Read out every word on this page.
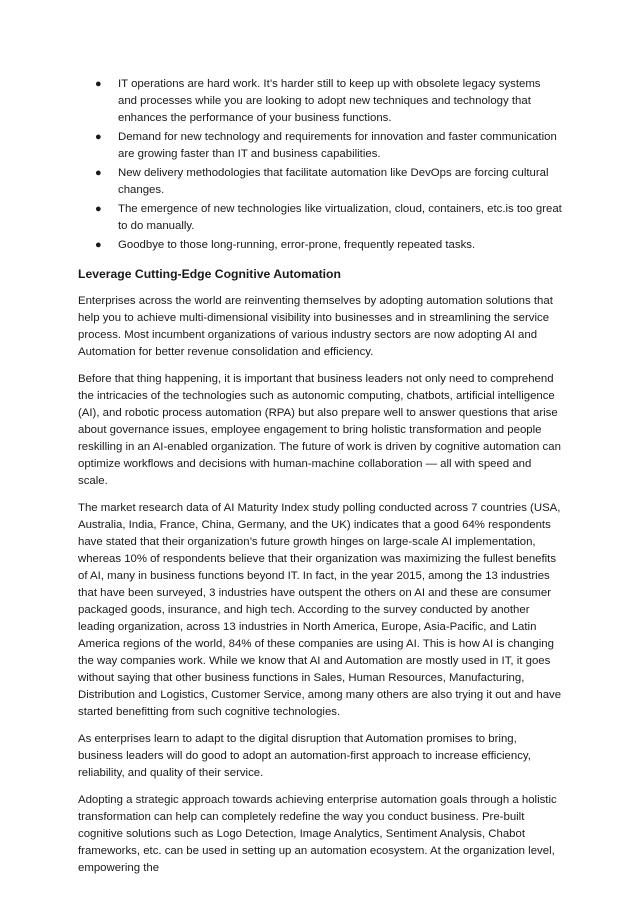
● IT operations are hard work. It’s harder still to keep up with obsolete legacy systems and processes while you are looking to adopt new techniques and technology that enhances the performance of your business functions.
● Demand for new technology and requirements for innovation and faster communication are growing faster than IT and business capabilities.
● New delivery methodologies that facilitate automation like DevOps are forcing cultural changes.
● The emergence of new technologies like virtualization, cloud, containers, etc.is too great to do manually.
● Goodbye to those long-running, error-prone, frequently repeated tasks.
Leverage Cutting-Edge Cognitive Automation

Enterprises across the world are reinventing themselves by adopting automation solutions that help you to achieve multi-dimensional visibility into businesses and in streamlining the service process. Most incumbent organizations of various industry sectors are now adopting AI and Automation for better revenue consolidation and efficiency.

Before that thing happening, it is important that business leaders not only need to comprehend the intricacies of the technologies such as autonomic computing, chatbots, artificial intelligence (AI), and robotic process automation (RPA) but also prepare well to answer questions that arise about governance issues, employee engagement to bring holistic transformation and people reskilling in an AI-enabled organization. The future of work is driven by cognitive automation can optimize workflows and decisions with human-machine collaboration — all with speed and scale.

The market research data of AI Maturity Index study polling conducted across 7 countries (USA, Australia, India, France, China, Germany, and the UK) indicates that a good 64% respondents have stated that their organization’s future growth hinges on large-scale AI implementation, whereas 10% of respondents believe that their organization was maximizing the fullest benefits of AI, many in business functions beyond IT. In fact, in the year 2015, among the 13 industries that have been surveyed, 3 industries have outspent the others on AI and these are consumer packaged goods, insurance, and high tech. According to the survey conducted by another leading organization, across 13 industries in North America, Europe, Asia-Pacific, and Latin America regions of the world, 84% of these companies are using AI. This is how AI is changing the way companies work. While we know that AI and Automation are mostly used in IT, it goes without saying that other business functions in Sales, Human Resources, Manufacturing, Distribution and Logistics, Customer Service, among many others are also trying it out and have started benefitting from such cognitive technologies.

As enterprises learn to adapt to the digital disruption that Automation promises to bring, business leaders will do good to adopt an automation-first approach to increase efficiency, reliability, and quality of their service.

Adopting a strategic approach towards achieving enterprise automation goals through a holistic transformation can help can completely redefine the way you conduct business. Pre-built cognitive solutions such as Logo Detection, Image Analytics, Sentiment Analysis, Chabot frameworks, etc. can be used in setting up an automation ecosystem. At the organization level, empowering the
